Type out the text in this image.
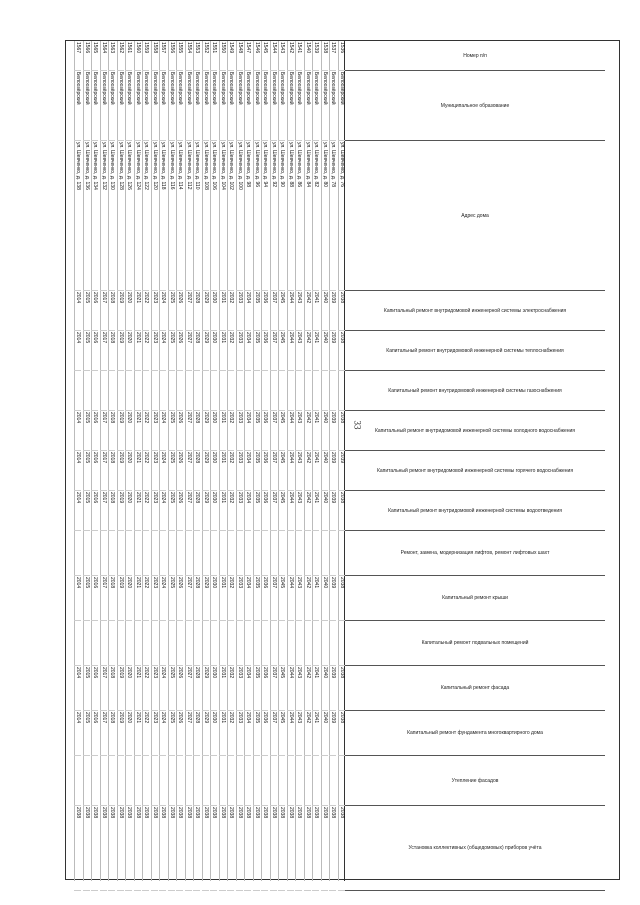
33
Номер п/п
Муниципальное образование
Адрес дома
Капитальный ремонт внутридомовой инженерной системы электроснабжения
Капитальный ремонт внутридомовой инженерной системы теплоснабжения
Капитальный ремонт внутридомовой инженерной системы газоснабжения
Капитальный ремонт внутридомовой инженерной системы холодного водоснабжения
Капитальный ремонт внутридомовой инженерной системы горячего водоснабжения
Капитальный ремонт внутридомовой инженерной системы водоотведения
Ремонт, замена, модернизация лифтов, ремонт лифтовых шахт
Капитальный ремонт крыши
Капитальный ремонт подвальных помещений
Капитальный ремонт фасада
Капитальный ремонт фундамента многоквартирного дома
Утепление фасадов
Установка коллективных (общедомовых) приборов учёта
1536
Белоозёрский
ул. Шевченко, д. 76
2038
2038
2038
2039
2038
2038
2038
2038
2038
1537
Белоозёрский
ул. Шевченко, д. 78
2039
2039
2039
2039
2039
2039
2039
2039
2038
1538
Белоозёрский
ул. Шевченко, д. 80
2040
2040
2040
2040
2040
2040
2040
2040
2038
1539
Белоозёрский
ул. Шевченко, д. 82
2041
2041
2041
2041
2041
2041
2041
2041
2038
1540
Белоозёрский
ул. Шевченко, д. 84
2042
2042
2042
2042
2042
2042
2042
2042
2038
1541
Белоозёрский
ул. Шевченко, д. 86
2043
2043
2043
2043
2043
2043
2043
2043
2038
1542
Белоозёрский
ул. Шевченко, д. 88
2044
2044
2044
2044
2044
2044
2044
2044
2038
1543
Белоозёрский
ул. Шевченко, д. 90
2045
2045
2045
2045
2045
2045
2045
2045
2038
1544
Белоозёрский
ул. Шевченко, д. 92
2037
2037
2037
2037
2037
2037
2037
2037
2038
1545
Белоозёрский
ул. Шевченко, д. 94
2036
2036
2036
2036
2036
2036
2036
2036
2038
1546
Белоозёрский
ул. Шевченко, д. 96
2035
2035
2035
2035
2035
2035
2035
2035
2038
1547
Белоозёрский
ул. Шевченко, д. 98
2034
2034
2034
2034
2034
2034
2034
2034
2038
1548
Белоозёрский
ул. Шевченко, д. 100
2033
2033
2033
2033
2033
2033
2033
2033
2038
1549
Белоозёрский
ул. Шевченко, д. 102
2032
2032
2032
2032
2032
2032
2032
2032
2038
1550
Белоозёрский
ул. Шевченко, д. 104
2031
2031
2031
2031
2031
2031
2031
2031
2038
1551
Белоозёрский
ул. Шевченко, д. 106
2030
2030
2030
2030
2030
2030
2030
2030
2038
1552
Белоозёрский
ул. Шевченко, д. 108
2029
2029
2029
2029
2029
2029
2029
2029
2038
1553
Белоозёрский
ул. Шевченко, д. 110
2028
2028
2028
2028
2028
2028
2028
2028
2038
1554
Белоозёрский
ул. Шевченко, д. 112
2027
2027
2027
2027
2027
2027
2027
2027
2038
1555
Белоозёрский
ул. Шевченко, д. 114
2026
2026
2026
2026
2026
2026
2026
2026
2038
1556
Белоозёрский
ул. Шевченко, д. 116
2025
2025
2025
2025
2025
2025
2025
2025
2038
1557
Белоозёрский
ул. Шевченко, д. 118
2024
2024
2024
2024
2024
2024
2024
2024
2038
1558
Белоозёрский
ул. Шевченко, д. 120
2023
2023
2023
2023
2023
2023
2023
2023
2038
1559
Белоозёрский
ул. Шевченко, д. 122
2022
2022
2022
2022
2022
2022
2022
2022
2038
1560
Белоозёрский
ул. Шевченко, д. 124
2021
2021
2021
2021
2021
2021
2021
2021
2038
1561
Белоозёрский
ул. Шевченко, д. 126
2020
2020
2020
2020
2020
2020
2020
2020
2038
1562
Белоозёрский
ул. Шевченко, д. 128
2019
2019
2019
2019
2019
2019
2019
2019
2038
1563
Белоозёрский
ул. Шевченко, д. 130
2018
2018
2018
2018
2018
2018
2018
2018
2038
1564
Белоозёрский
ул. Шевченко, д. 132
2017
2017
2017
2017
2017
2017
2017
2017
2038
1565
Белоозёрский
ул. Шевченко, д. 134
2016
2016
2016
2016
2016
2016
2016
2016
2038
1566
Белоозёрский
ул. Шевченко, д. 136
2015
2015
2015
2015
2015
2015
2015
2015
2038
1567
Белоозёрский
ул. Шевченко, д. 138
2014
2014
2014
2014
2014
2014
2014
2014
2038
